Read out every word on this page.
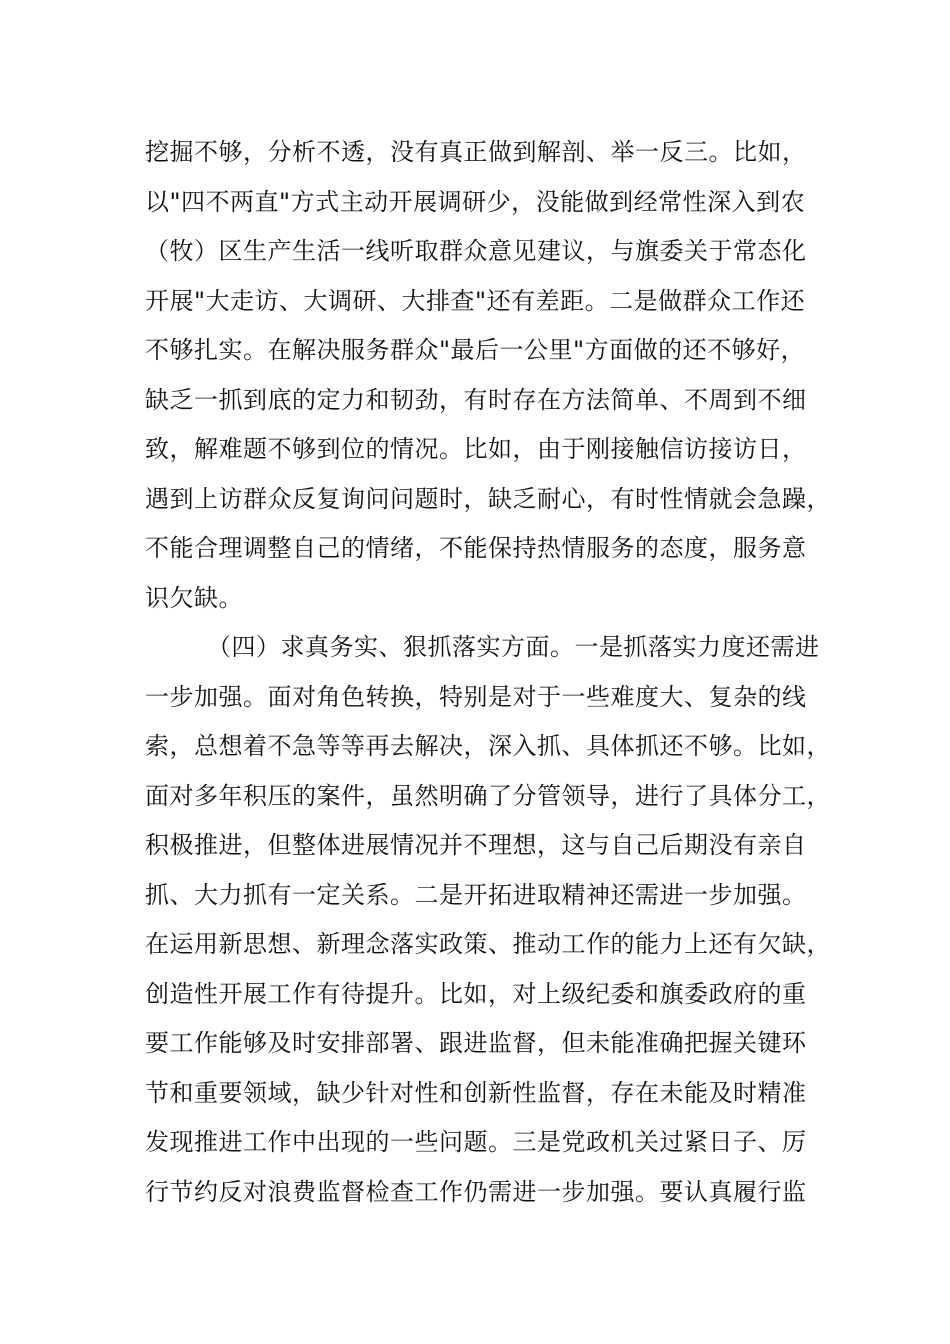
挖掘不够，分析不透，没有真正做到解剖、举一反三。比如，
以"四不两直"方式主动开展调研少，没能做到经常性深入到农
（牧）区生产生活一线听取群众意见建议，与旗委关于常态化
开展"大走访、大调研、大排查"还有差距。二是做群众工作还
不够扎实。在解决服务群众"最后一公里"方面做的还不够好，
缺乏一抓到底的定力和韧劲，有时存在方法简单、不周到不细
致，解难题不够到位的情况。比如，由于刚接触信访接访日，
遇到上访群众反复询问问题时，缺乏耐心，有时性情就会急躁，
不能合理调整自己的情绪，不能保持热情服务的态度，服务意
识欠缺。
（四）求真务实、狠抓落实方面。一是抓落实力度还需进
一步加强。面对角色转换，特别是对于一些难度大、复杂的线
索，总想着不急等等再去解决，深入抓、具体抓还不够。比如，
面对多年积压的案件，虽然明确了分管领导，进行了具体分工，
积极推进，但整体进展情况并不理想，这与自己后期没有亲自
抓、大力抓有一定关系。二是开拓进取精神还需进一步加强。
在运用新思想、新理念落实政策、推动工作的能力上还有欠缺，
创造性开展工作有待提升。比如，对上级纪委和旗委政府的重
要工作能够及时安排部署、跟进监督，但未能准确把握关键环
节和重要领域，缺少针对性和创新性监督，存在未能及时精准
发现推进工作中出现的一些问题。三是党政机关过紧日子、厉
行节约反对浪费监督检查工作仍需进一步加强。要认真履行监
